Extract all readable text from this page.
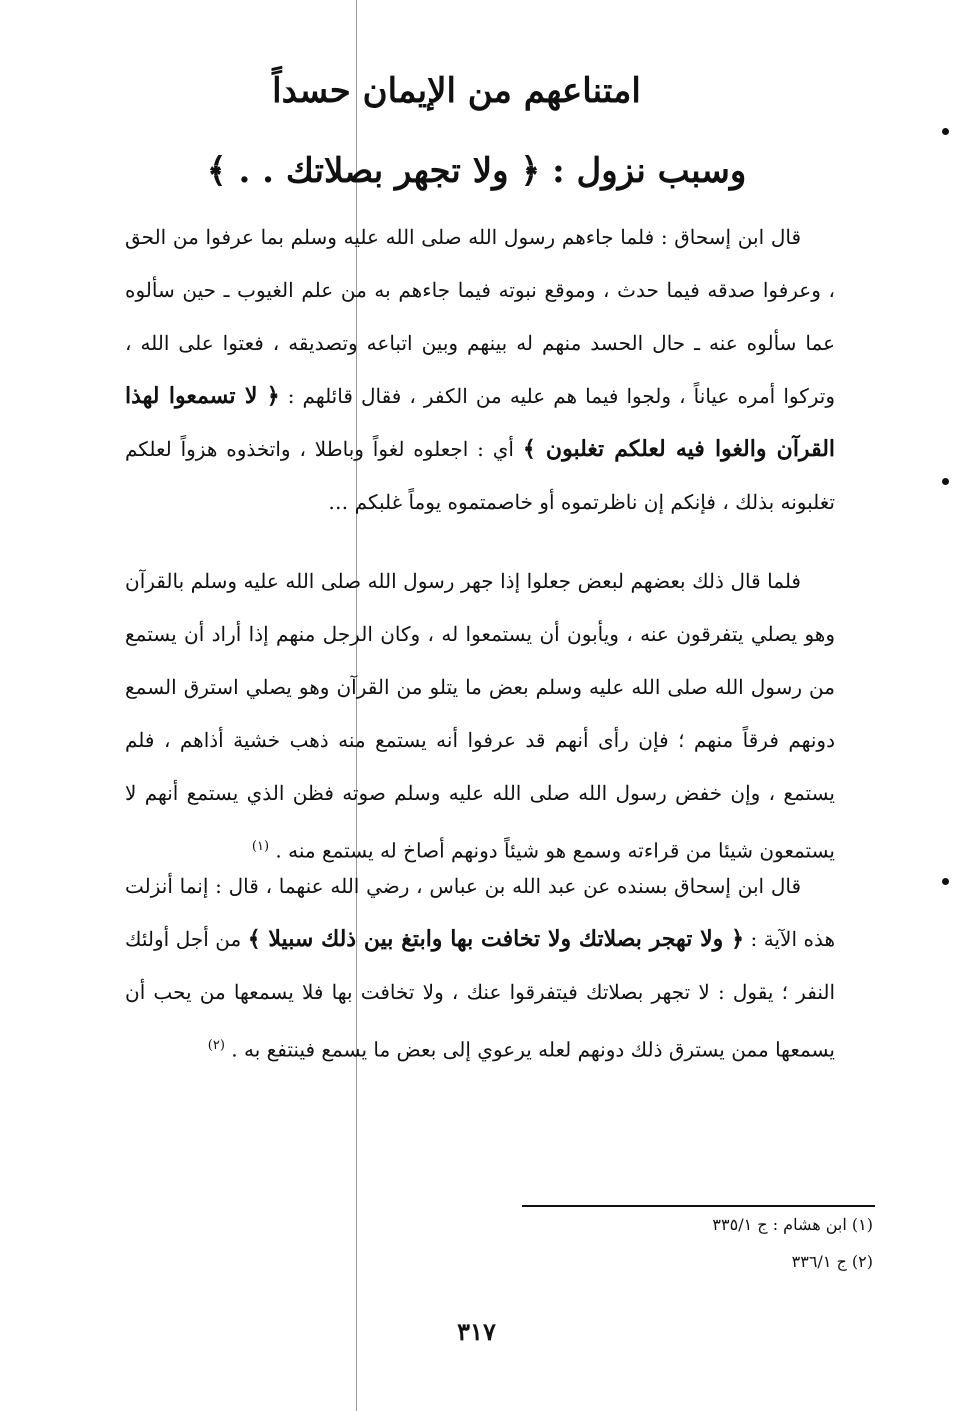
امتناعهم من الإيمان حسداً
وسبب نزول : ﴿ ولا تجهر بصلاتك . . ﴾

قال ابن إسحاق : فلما جاءهم رسول الله صلى الله عليه وسلم بما عرفوا من الحق ، وعرفوا صدقه فيما حدث ، وموقع نبوته فيما جاءهم به من علم الغيوب ـ حين سألوه عما سألوه عنه ـ حال الحسد منهم له بينهم وبين اتباعه وتصديقه ، فعتوا على الله ، وتركوا أمره عياناً ، ولجوا فيما هم عليه من الكفر ، فقال قائلهم : ﴿ لا تسمعوا لهذا القرآن والغوا فيه لعلكم تغلبون ﴾ أي : اجعلوه لغواً وباطلا ، واتخذوه هزواً لعلكم تغلبونه بذلك ، فإنكم إن ناظرتموه أو خاصمتموه يوماً غلبكم …

فلما قال ذلك بعضهم لبعض جعلوا إذا جهر رسول الله صلى الله عليه وسلم بالقرآن وهو يصلي يتفرقون عنه ، ويأبون أن يستمعوا له ، وكان الرجل منهم إذا أراد أن يستمع من رسول الله صلى الله عليه وسلم بعض ما يتلو من القرآن وهو يصلي استرق السمع دونهم فرقاً منهم ؛ فإن رأى أنهم قد عرفوا أنه يستمع منه ذهب خشية أذاهم ، فلم يستمع ، وإن خفض رسول الله صلى الله عليه وسلم صوته فظن الذي يستمع أنهم لا يستمعون شيئا من قراءته وسمع هو شيئاً دونهم أصاخ له يستمع منه . $^{(١)}$

قال ابن إسحاق بسنده عن عبد الله بن عباس ، رضي الله عنهما ، قال : إنما أنزلت هذه الآية : ﴿ ولا تهجر بصلاتك ولا تخافت بها وابتغ بين ذلك سبيلا ﴾ من أجل أولئك النفر ؛ يقول : لا تجهر بصلاتك فيتفرقوا عنك ، ولا تخافت بها فلا يسمعها من يحب أن يسمعها ممن يسترق ذلك دونهم لعله يرعوي إلى بعض ما يسمع فينتفع به . $^{(٢)}$

(١) ابن هشام : ج ٣٣٥/١
(٢) ج ٣٣٦/١
٣١٧
